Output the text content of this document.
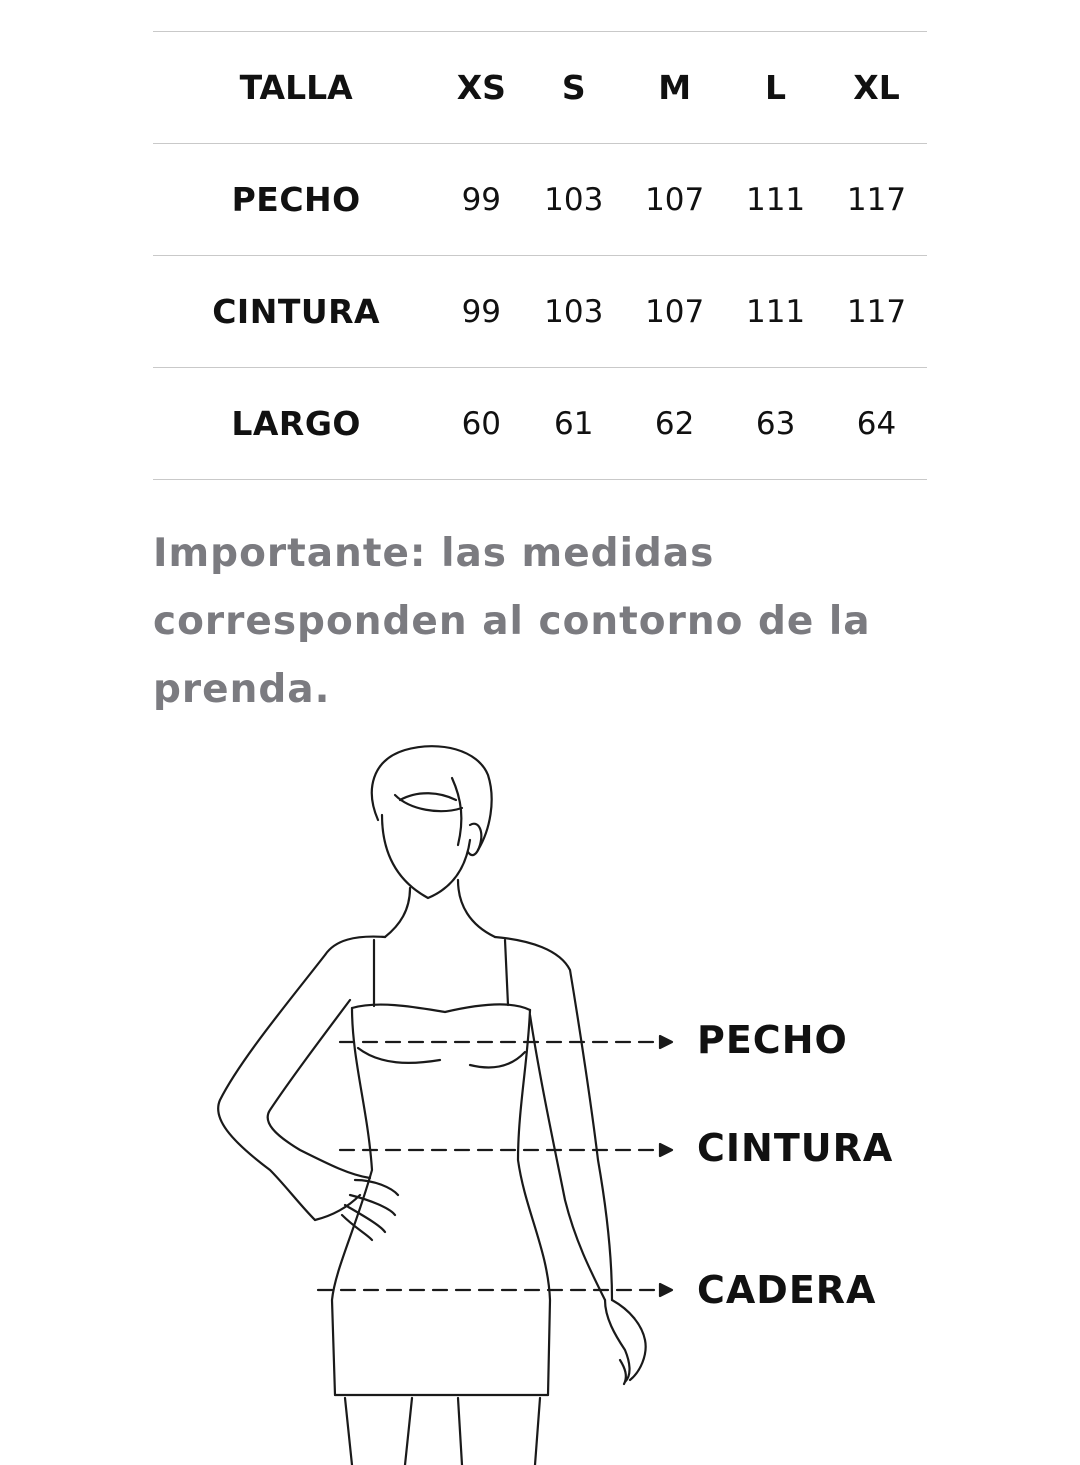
TALLA	XS	S	M	L	XL
PECHO	99	103	107	111	117
CINTURA	99	103	107	111	117
LARGO	60	61	62	63	64

Importante: las medidas corresponden al contorno de la prenda.

PECHO

CINTURA

CADERA
